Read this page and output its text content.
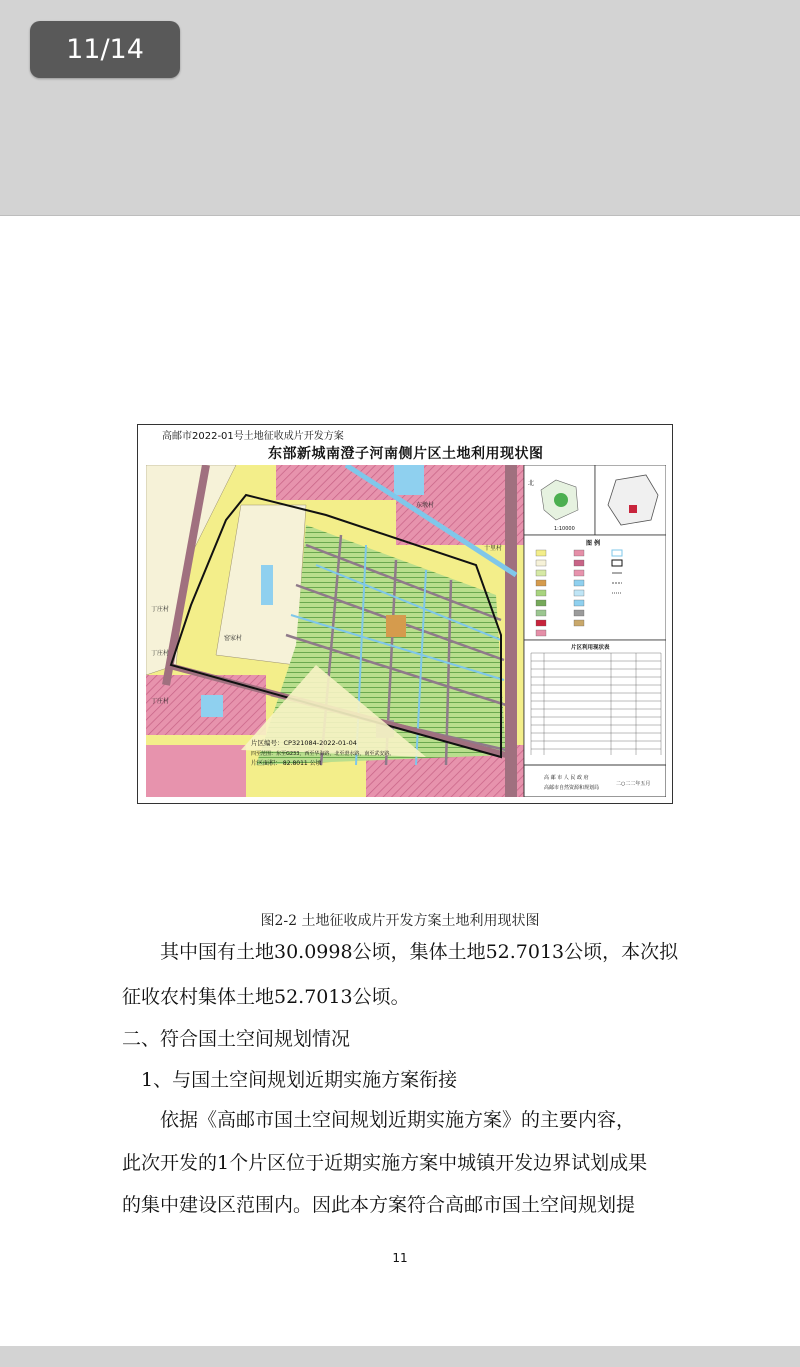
11/14
高邮市2022-01号土地征收成片开发方案
东部新城南澄子河南侧片区土地利用现状图
十里村
东墩村
丁庄村
窑家村
丁庄村
丁庄村
片区编号：CP321084-2022-01-04
四至范围：东至G233，西至华海路，北至澄水路，南至武安路。
片区面积： 82.8011 公顷
1:10000
北
图 例
片区利用现状表
高 邮 市 人 民 政 府
高邮市自然资源和规划局
二○二二年五月
图2-2 土地征收成片开发方案土地利用现状图
　　其中国有土地30.0998公顷，集体土地52.7013公顷，本次拟
征收农村集体土地52.7013公顷。
二、符合国土空间规划情况
　1、与国土空间规划近期实施方案衔接
　　依据《高邮市国土空间规划近期实施方案》的主要内容，
此次开发的1个片区位于近期实施方案中城镇开发边界试划成果
的集中建设区范围内。因此本方案符合高邮市国土空间规划提
11
